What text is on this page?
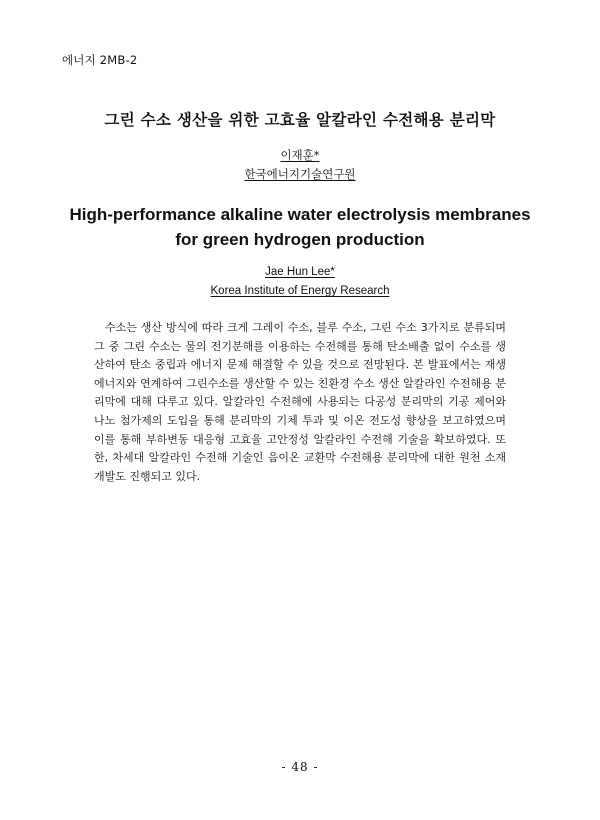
에너지 2MB-2
그린 수소 생산을 위한 고효율 알칼라인 수전해용 분리막
이재훈*
한국에너지기술연구원
High-performance alkaline water electrolysis membranes for green hydrogen production
Jae Hun Lee*
Korea Institute of Energy Research

수소는 생산 방식에 따라 크게 그레이 수소, 블루 수소, 그린 수소 3가지로 분류되며 그 중 그린 수소는 물의 전기분해를 이용하는 수전해를 통해 탄소배출 없이 수소를 생산하여 탄소 중립과 에너지 문제 해결할 수 있을 것으로 전망된다. 본 발표에서는 재생에너지와 연계하여 그린수소를 생산할 수 있는 친환경 수소 생산 알칼라인 수전해용 분리막에 대해 다루고 있다. 알칼라인 수전해에 사용되는 다공성 분리막의 기공 제어와 나노 첨가제의 도입을 통해 분리막의 기체 투과 및 이온 전도성 향상을 보고하였으며 이를 통해 부하변동 대응형 고효율 고안정성 알칼라인 수전해 기술을 확보하였다. 또한, 차세대 알칼라인 수전해 기술인 음이온 교환막 수전해용 분리막에 대한 원천 소재 개발도 진행되고 있다.

- 48 -
